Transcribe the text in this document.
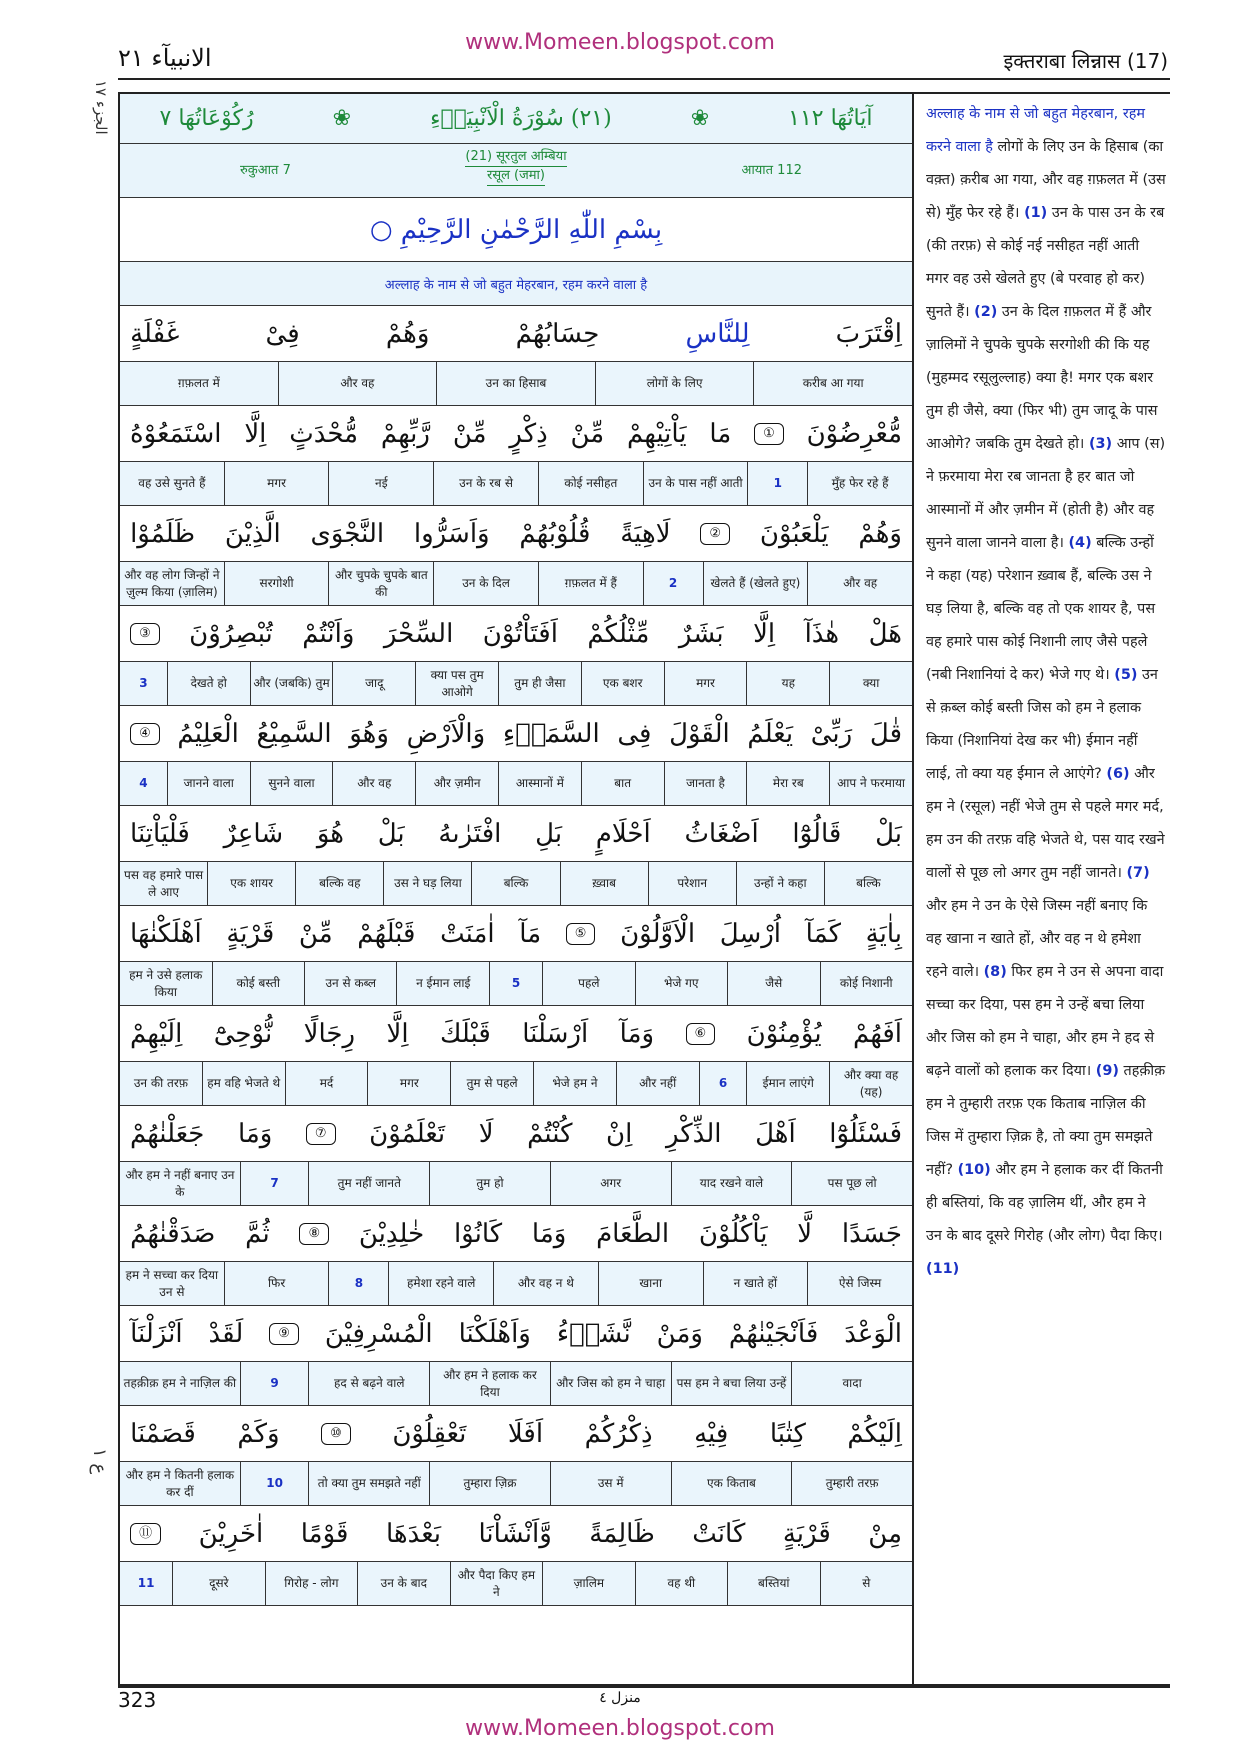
www.Momeen.blogspot.com
الانبیآء ۲۱	इक्तराबा लिन्नास (17)
الجزء ١٧
ع ١
آيَاتُهَا ١١٢
❀
(٢١) سُوْرَةُ الْاَنْبِيَاۤءِ
❀
رُكُوْعَاتُهَا ٧
आयात 112
(21) सूरतुल अम्बिया
रसूल (जमा)
रुकुआत 7
بِسْمِ اللّٰهِ الرَّحْمٰنِ الرَّحِيْمِ ○
अल्लाह के नाम से जो बहुत मेहरबान, रहम करने वाला है
اِقْتَرَبَ
لِلنَّاسِ
حِسَابُهُمْ
وَهُمْ
فِیْ
غَفْلَةٍ
करीब आ गया
लोगों के लिए
उन का हिसाब
और वह
ग़फ़लत में
مُّعْرِضُوْنَ
①
مَا
يَاْتِيْهِمْ
مِّنْ
ذِكْرٍ
مِّنْ
رَّبِّهِمْ
مُّحْدَثٍ
اِلَّا
اسْتَمَعُوْهُ
मुँह फेर रहे हैं
1
उन के पास नहीं आती
कोई नसीहत
उन के रब से
नई
मगर
वह उसे सुनते हैं
وَهُمْ
يَلْعَبُوْنَ
②
لَاهِيَةً
قُلُوْبُهُمْ
وَاَسَرُّوا
النَّجْوَى
الَّذِيْنَ
ظَلَمُوْا
और वह
खेलते हैं (खेलते हुए)
2
ग़फ़लत में हैं
उन के दिल
और चुपके चुपके बात की
सरगोशी
और वह लोग जिन्हों ने ज़ुल्म किया (ज़ालिम)
هَلْ
هٰذَآ
اِلَّا
بَشَرٌ
مِّثْلُكُمْ
اَفَتَاْتُوْنَ
السِّحْرَ
وَاَنْتُمْ
تُبْصِرُوْنَ
③
क्या
यह
मगर
एक बशर
तुम ही जैसा
क्या पस तुम आओगे
जादू
और (जबकि) तुम
देखते हो
3
قٰلَ
رَبِّیْ
يَعْلَمُ
الْقَوْلَ
فِی
السَّمَاۤءِ
وَالْاَرْضِ
وَهُوَ
السَّمِيْعُ
الْعَلِيْمُ
④
आप ने फरमाया
मेरा रब
जानता है
बात
आस्मानों में
और ज़मीन
और वह
सुनने वाला
जानने वाला
4
بَلْ
قَالُوْٓا
اَضْغَاثُ
اَحْلَامٍ
بَلِ
افْتَرٰىهُ
بَلْ
هُوَ
شَاعِرٌ
فَلْيَاْتِنَا
बल्कि
उन्हों ने कहा
परेशान
ख़्वाब
बल्कि
उस ने घड़ लिया
बल्कि वह
एक शायर
पस वह हमारे पास ले आए
بِاٰيَةٍ
كَمَآ
اُرْسِلَ
الْاَوَّلُوْنَ
⑤
مَآ
اٰمَنَتْ
قَبْلَهُمْ
مِّنْ
قَرْيَةٍ
اَهْلَكْنٰهَا
कोई निशानी
जैसे
भेजे गए
पहले
5
न ईमान लाई
उन से कब्ल
कोई बस्ती
हम ने उसे हलाक किया
اَفَهُمْ
يُؤْمِنُوْنَ
⑥
وَمَآ
اَرْسَلْنَا
قَبْلَكَ
اِلَّا
رِجَالًا
نُّوْحِیْٓ
اِلَيْهِمْ
और क्या वह (यह)
ईमान लाएंगे
6
और नहीं
भेजे हम ने
तुम से पहले
मगर
मर्द
हम वहि भेजते थे
उन की तरफ़
فَسْئَلُوْٓا
اَهْلَ
الذِّكْرِ
اِنْ
كُنْتُمْ
لَا
تَعْلَمُوْنَ
⑦
وَمَا
جَعَلْنٰهُمْ
पस पूछ लो
याद रखने वाले
अगर
तुम हो
तुम नहीं जानते
7
और हम ने नहीं बनाए उन के
جَسَدًا
لَّا
يَاْكُلُوْنَ
الطَّعَامَ
وَمَا
كَانُوْا
خٰلِدِيْنَ
⑧
ثُمَّ
صَدَقْنٰهُمُ
ऐसे जिस्म
न खाते हों
खाना
और वह न थे
हमेशा रहने वाले
8
फिर
हम ने सच्चा कर दिया उन से
الْوَعْدَ
فَاَنْجَيْنٰهُمْ
وَمَنْ
نَّشَاۤءُ
وَاَهْلَكْنَا
الْمُسْرِفِيْنَ
⑨
لَقَدْ
اَنْزَلْنَآ
वादा
पस हम ने बचा लिया उन्हें
और जिस को हम ने चाहा
और हम ने हलाक कर दिया
हद से बढ़ने वाले
9
तहक़ीक़ हम ने नाज़िल की
اِلَيْكُمْ
كِتٰبًا
فِيْهِ
ذِكْرُكُمْ
اَفَلَا
تَعْقِلُوْنَ
⑩
وَكَمْ
قَصَمْنَا
तुम्हारी तरफ़
एक किताब
उस में
तुम्हारा ज़िक्र
तो क्या तुम समझते नहीं
10
और हम ने कितनी हलाक कर दीं
مِنْ
قَرْيَةٍ
كَانَتْ
ظَالِمَةً
وَّاَنْشَاْنَا
بَعْدَهَا
قَوْمًا
اٰخَرِيْنَ
⑪
से
बस्तियां
वह थी
ज़ालिम
और पैदा किए हम ने
उन के बाद
गिरोह - लोग
दूसरे
11
अल्लाह के नाम से जो बहुत मेहरबान, रहम करने वाला है लोगों के लिए उन के हिसाब (का वक़्त) क़रीब आ गया, और वह ग़फ़लत में (उस से) मुँह फेर रहे हैं। (1) उन के पास उन के रब (की तरफ़) से कोई नई नसीहत नहीं आती मगर वह उसे खेलते हुए (बे परवाह हो कर) सुनते हैं। (2) उन के दिल ग़फ़लत में हैं और ज़ालिमों ने चुपके चुपके सरगोशी की कि यह (मुहम्मद रसूलुल्लाह) क्या है! मगर एक बशर तुम ही जैसे, क्या (फिर भी) तुम जादू के पास आओगे? जबकि तुम देखते हो। (3) आप (स) ने फ़रमाया मेरा रब जानता है हर बात जो आस्मानों में और ज़मीन में (होती है) और वह सुनने वाला जानने वाला है। (4) बल्कि उन्हों ने कहा (यह) परेशान ख़्वाब हैं, बल्कि उस ने घड़ लिया है, बल्कि वह तो एक शायर है, पस वह हमारे पास कोई निशानी लाए जैसे पहले (नबी निशानियां दे कर) भेजे गए थे। (5) उन से क़ब्ल कोई बस्ती जिस को हम ने हलाक किया (निशानियां देख कर भी) ईमान नहीं लाई, तो क्या यह ईमान ले आएंगे? (6) और हम ने (रसूल) नहीं भेजे तुम से पहले मगर मर्द, हम उन की तरफ़ वहि भेजते थे, पस याद रखने वालों से पूछ लो अगर तुम नहीं जानते। (7) और हम ने उन के ऐसे जिस्म नहीं बनाए कि वह खाना न खाते हों, और वह न थे हमेशा रहने वाले। (8) फिर हम ने उन से अपना वादा सच्चा कर दिया, पस हम ने उन्हें बचा लिया और जिस को हम ने चाहा, और हम ने हद से बढ़ने वालों को हलाक कर दिया। (9) तहक़ीक़ हम ने तुम्हारी तरफ़ एक किताब नाज़िल की जिस में तुम्हारा ज़िक्र है, तो क्या तुम समझते नहीं? (10) और हम ने हलाक कर दीं कितनी ही बस्तियां, कि वह ज़ालिम थीं, और हम ने उन के बाद दूसरे गिरोह (और लोग) पैदा किए। (11)
323	منزل ٤
www.Momeen.blogspot.com
